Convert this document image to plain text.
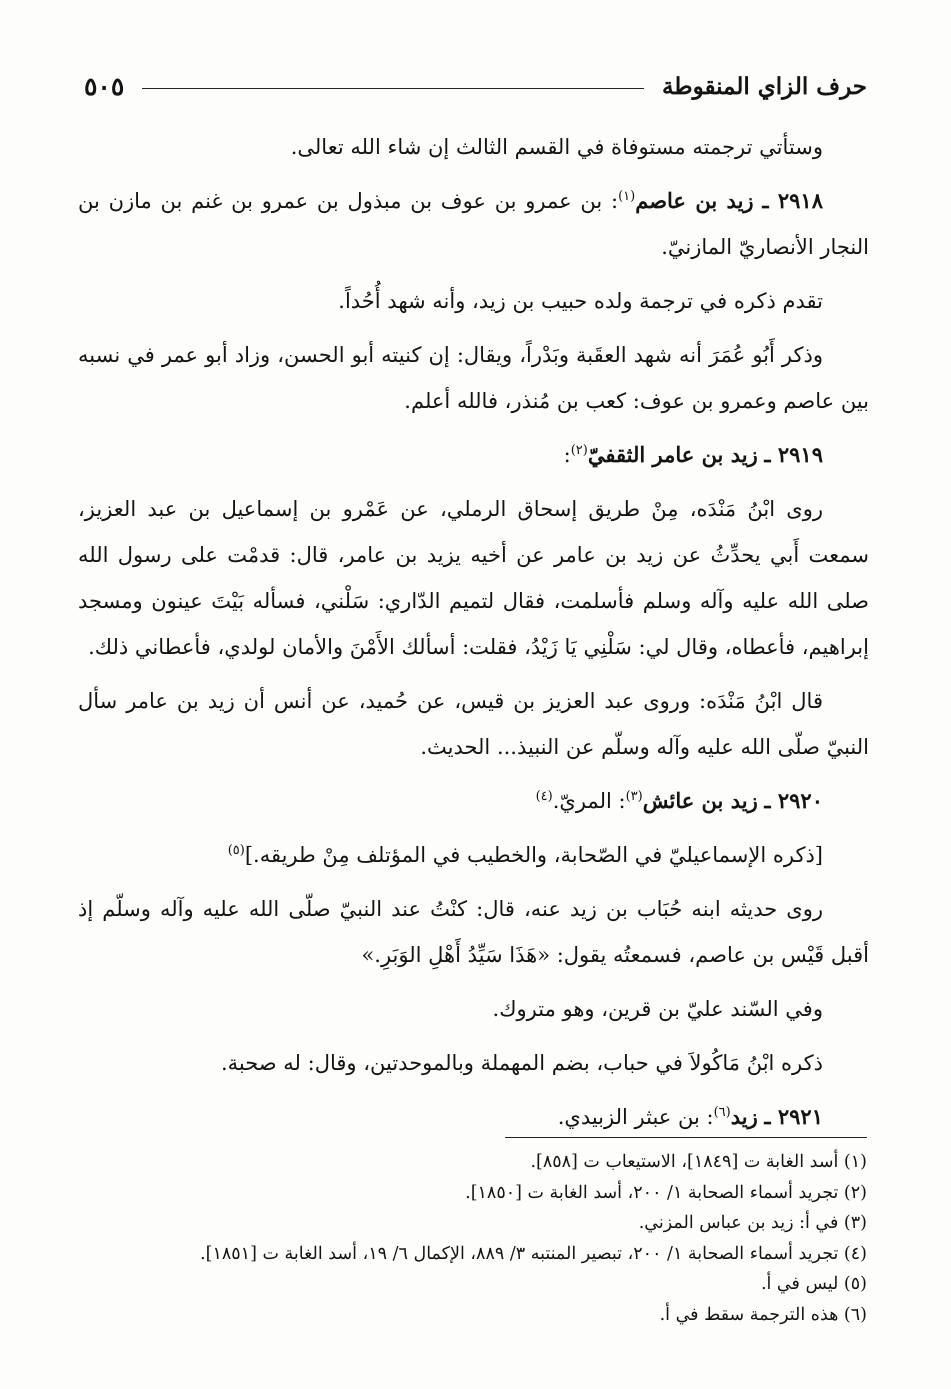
حرف الزاي المنقوطة
٥٠٥

وستأتي ترجمته مستوفاة في القسم الثالث إن شاء الله تعالى.

٢٩١٨ ـ زيد بن عاصم$^{(١)}$: بن عمرو بن عوف بن مبذول بن عمرو بن غنم بن مازن بن النجار الأنصاريّ المازنيّ.

تقدم ذكره في ترجمة ولده حبيب بن زيد، وأنه شهد أُحُداً.

وذكر أَبُو عُمَرَ أنه شهد العقَبة وبَدْراً، ويقال: إن كنيته أبو الحسن، وزاد أبو عمر في نسبه بين عاصم وعمرو بن عوف: كعب بن مُنذر، فالله أعلم.

٢٩١٩ ـ زيد بن عامر الثقفيّ$^{(٢)}$:

روى ابْنُ مَنْدَه، مِنْ طريق إسحاق الرملي، عن عَمْرو بن إسماعيل بن عبد العزيز، سمعت أَبي يحدِّثُ عن زيد بن عامر عن أخيه يزيد بن عامر، قال: قدمْت على رسول الله صلى الله عليه وآله وسلم فأسلمت، فقال لتميم الدّاري: سَلْني، فسأله بَيْتَ عينون ومسجد إبراهيم، فأعطاه، وقال لي: سَلْنِي يَا زَيْدُ، فقلت: أسألك الأَمْنَ والأمان لولدي، فأعطاني ذلك.

قال ابْنُ مَنْدَه: وروى عبد العزيز بن قيس، عن حُميد، عن أنس أن زيد بن عامر سأل النبيّ صلّى الله عليه وآله وسلّم عن النبيذ... الحديث.

٢٩٢٠ ـ زيد بن عائش$^{(٣)}$: المريّ.$^{(٤)}$

[ذكره الإسماعيليّ في الصّحابة، والخطيب في المؤتلف مِنْ طريقه.]$^{(٥)}$

روى حديثه ابنه حُبَاب بن زيد عنه، قال: كنْتُ عند النبيّ صلّى الله عليه وآله وسلّم إذ أقبل قَيْس بن عاصم، فسمعتُه يقول: «هَذَا سَيِّدُ أَهْلِ الوَبَرِ.»

وفي السّند عليّ بن قرين، وهو متروك.

ذكره ابْنُ مَاكُولاَ في حباب، بضم المهملة وبالموحدتين، وقال: له صحبة.

٢٩٢١ ـ زيد$^{(٦)}$: بن عبثر الزبيدي.

(١) أسد الغابة ت [١٨٤٩]، الاستيعاب ت [٨٥٨].

(٢) تجريد أسماء الصحابة ١/ ٢٠٠، أسد الغابة ت [١٨٥٠].

(٣) في أ: زيد بن عباس المزني.

(٤) تجريد أسماء الصحابة ١/ ٢٠٠، تبصير المنتبه ٣/ ٨٨٩، الإكمال ٦/ ١٩، أسد الغابة ت [١٨٥١].

(٥) ليس في أ.

(٦) هذه الترجمة سقط في أ.
